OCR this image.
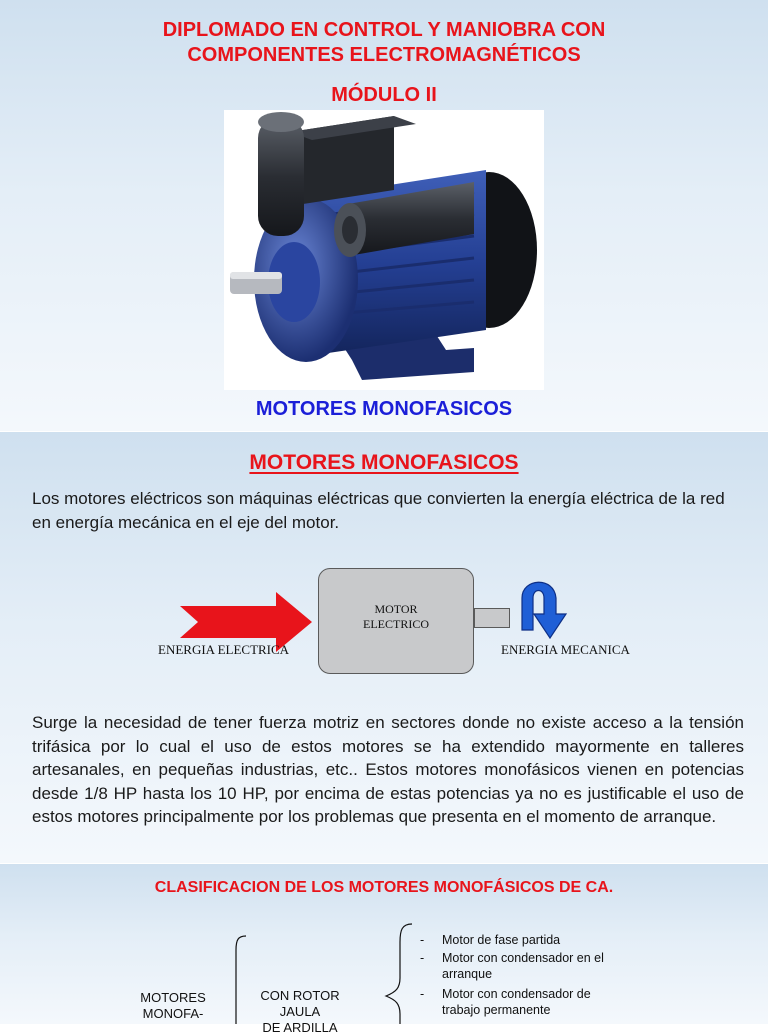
DIPLOMADO EN CONTROL Y MANIOBRA CON
COMPONENTES ELECTROMAGNÉTICOS
MÓDULO II
MOTORES MONOFASICOS
MOTORES MONOFASICOS
Los motores eléctricos son máquinas eléctricas que convierten la energía eléctrica de la red en energía mecánica en el eje del motor.
MOTOR
ELECTRICO
ENERGIA ELECTRICA	ENERGIA MECANICA
Surge la necesidad de tener fuerza motriz en sectores donde no existe acceso a la tensión trifásica por lo cual el uso de estos motores se ha extendido mayormente en talleres artesanales, en pequeñas industrias, etc.. Estos motores monofásicos vienen en potencias desde 1/8 HP hasta los 10 HP, por encima de estas potencias ya no es justificable el uso de estos motores principalmente por los problemas que presenta en el momento de arranque.
CLASIFICACION DE LOS MOTORES MONOFÁSICOS DE CA.
MOTORES
MONOFA-
CON ROTOR JAULA
DE ARDILLA
- Motor de fase partida
-	Motor con condensador en el arranque
-	Motor con condensador de trabajo permanente
